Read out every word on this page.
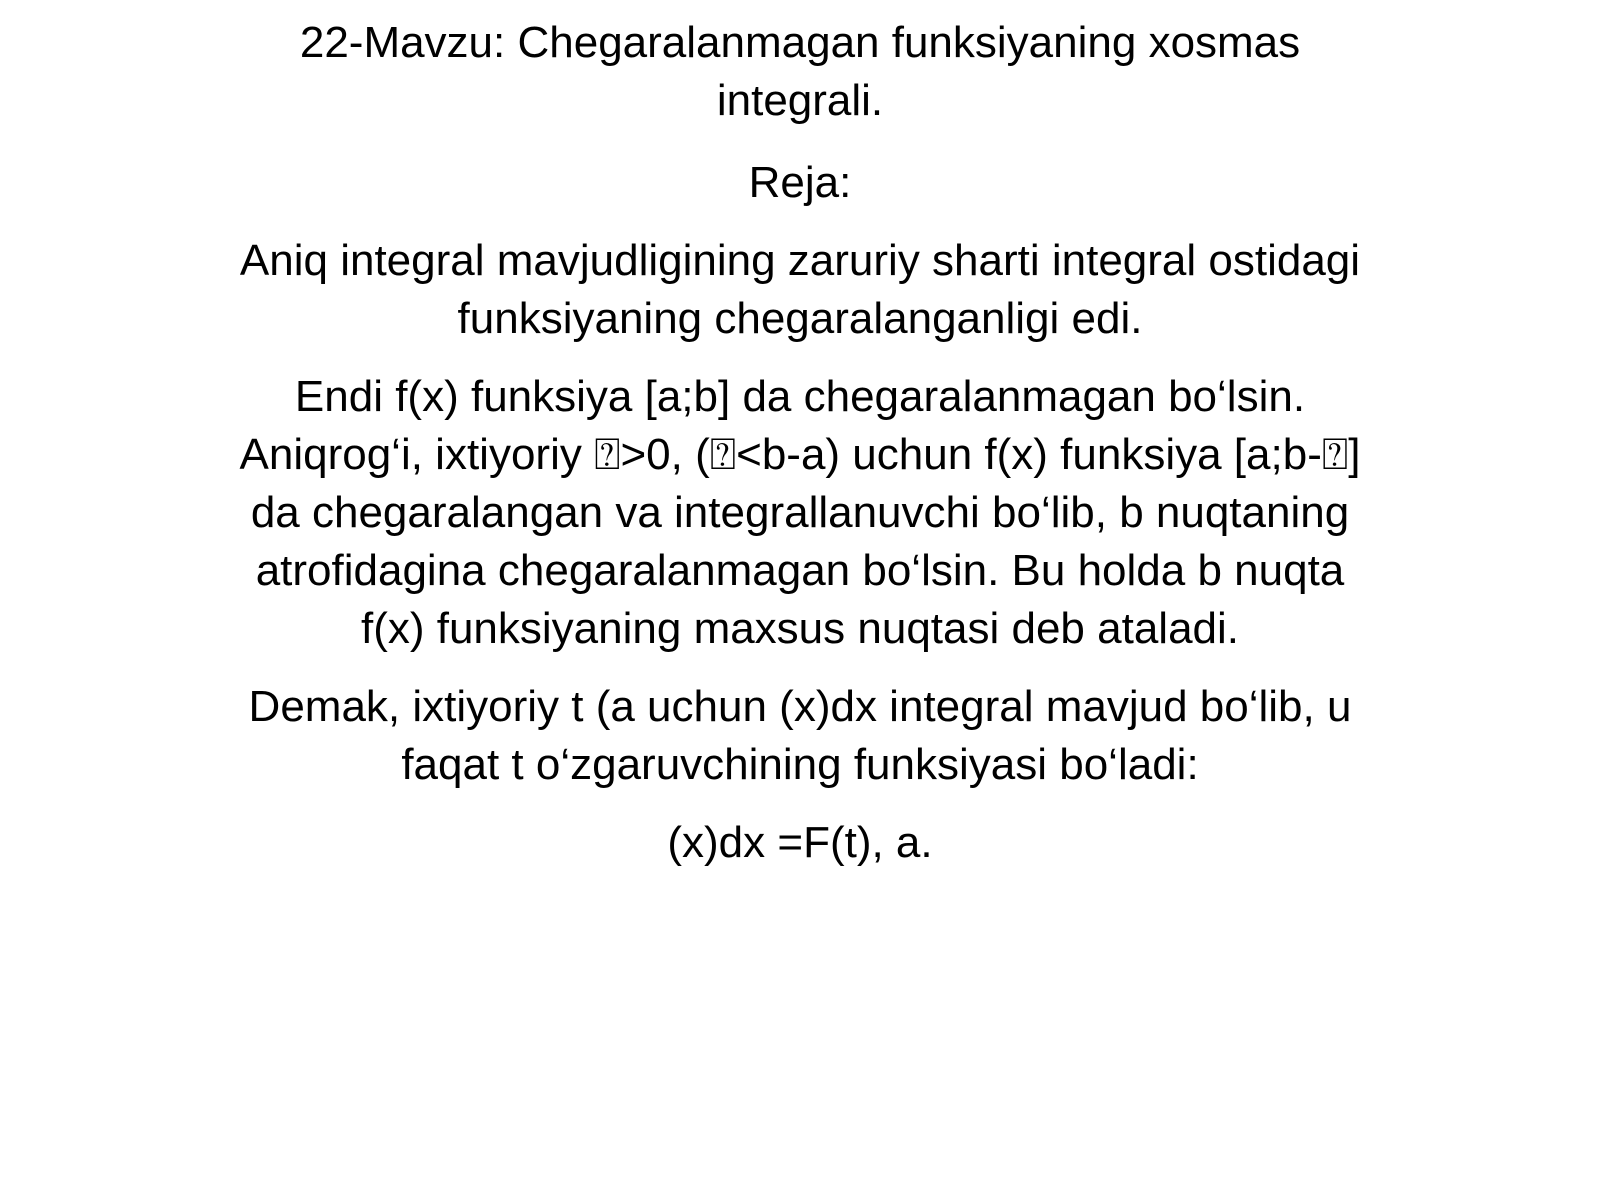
22-Mavzu: Chegaralanmagan funksiyaning xosmas integrali.

Reja:

Aniq integral mavjudligining zaruriy sharti integral ostidagi funksiyaning chegaralanganligi edi.

Endi f(x) funksiya [a;b] da chegaralanmagan bo‘lsin. Aniqrog‘i, ixtiyoriy ⍰>0, (⍰<b-a) uchun f(x) funksiya [a;b-⍰] da chegaralangan va integrallanuvchi bo‘lib, b nuqtaning atrofidagina chegaralanmagan bo‘lsin. Bu holda b nuqta f(x) funksiyaning maxsus nuqtasi deb ataladi.

Demak, ixtiyoriy t (a uchun (x)dx integral mavjud bo‘lib, u faqat t o‘zgaruvchining funksiyasi bo‘ladi:

(x)dx =F(t), a.
